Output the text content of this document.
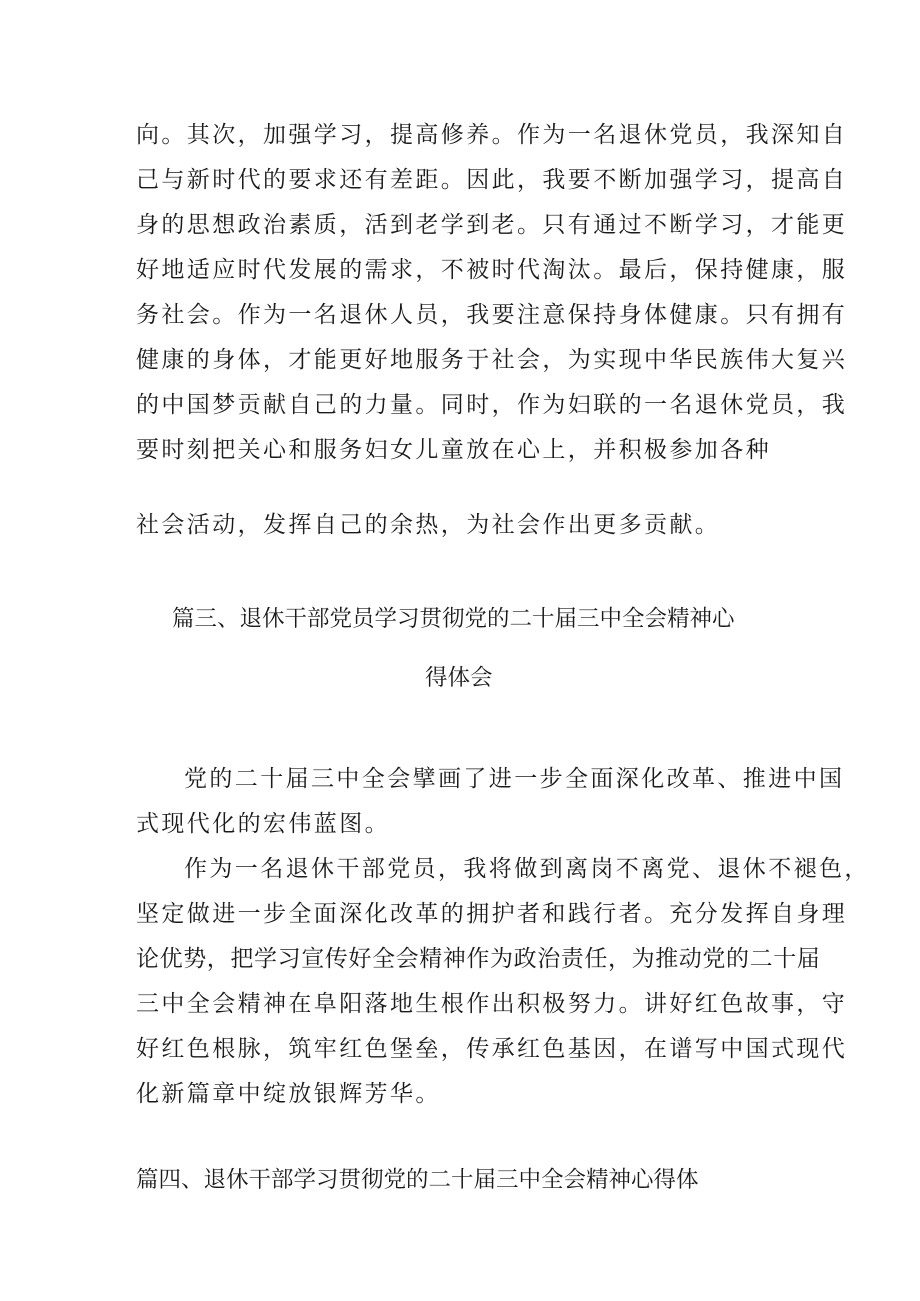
向。其次，加强学习，提高修养。作为一名退休党员，我深知自
己与新时代的要求还有差距。因此，我要不断加强学习，提高自
身的思想政治素质，活到老学到老。只有通过不断学习，才能更
好地适应时代发展的需求，不被时代淘汰。最后，保持健康，服
务社会。作为一名退休人员，我要注意保持身体健康。只有拥有
健康的身体，才能更好地服务于社会，为实现中华民族伟大复兴
的中国梦贡献自己的力量。同时，作为妇联的一名退休党员，我
要时刻把关心和服务妇女儿童放在心上，并积极参加各种
社会活动，发挥自己的余热，为社会作出更多贡献。
篇三、退休干部党员学习贯彻党的二十届三中全会精神心
得体会
党的二十届三中全会擘画了进一步全面深化改革、推进中国
式现代化的宏伟蓝图。
作为一名退休干部党员，我将做到离岗不离党、退休不褪色，
坚定做进一步全面深化改革的拥护者和践行者。充分发挥自身理
论优势，把学习宣传好全会精神作为政治责任，为推动党的二十届
三中全会精神在阜阳落地生根作出积极努力。讲好红色故事，守
好红色根脉，筑牢红色堡垒，传承红色基因，在谱写中国式现代
化新篇章中绽放银辉芳华。
篇四、退休干部学习贯彻党的二十届三中全会精神心得体
